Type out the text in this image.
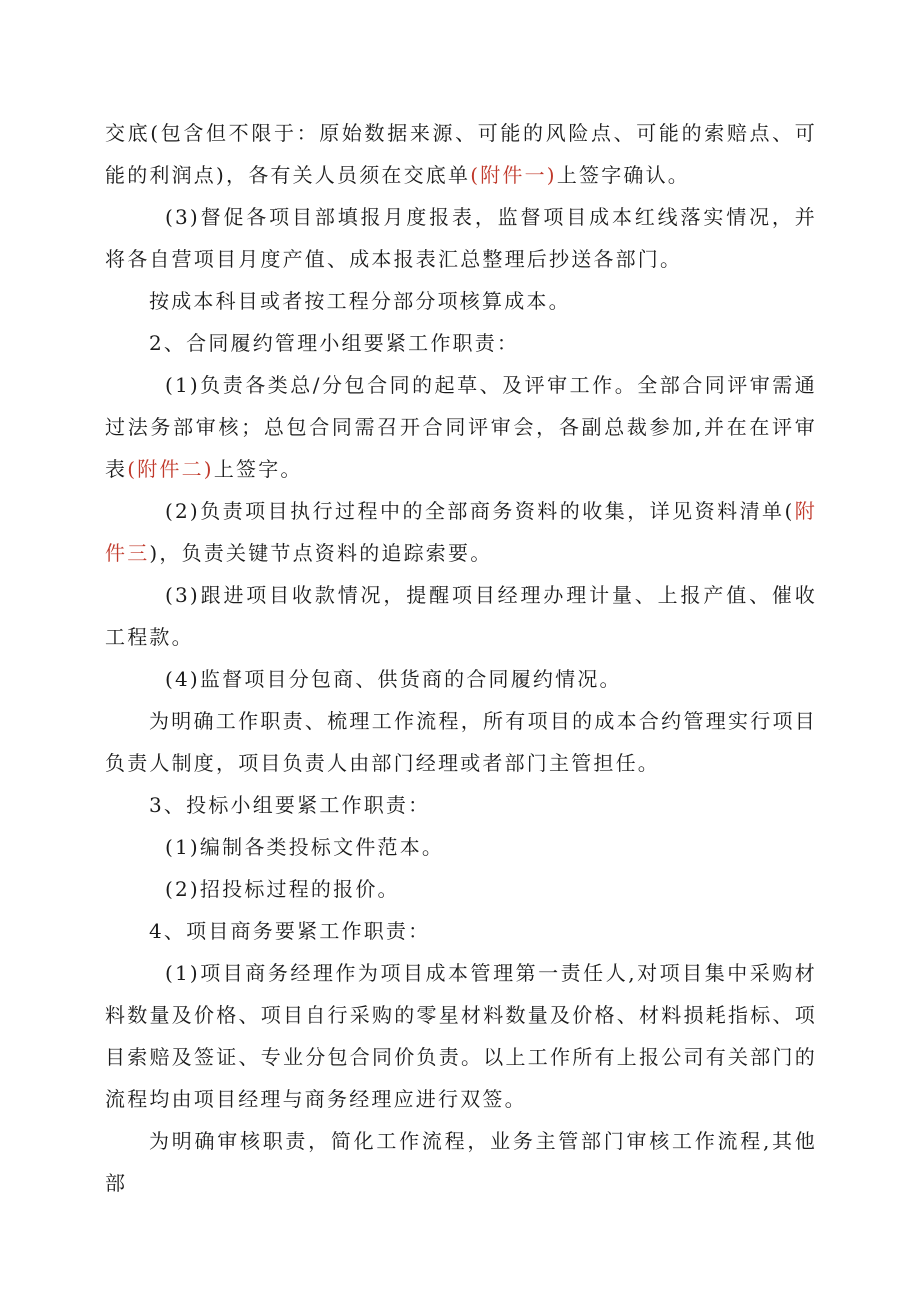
交底(包含但不限于：原始数据来源、可能的风险点、可能的索赔点、可能的利润点)，各有关人员须在交底单(附件一)上签字确认。

(3)督促各项目部填报月度报表，监督项目成本红线落实情况，并将各自营项目月度产值、成本报表汇总整理后抄送各部门。

按成本科目或者按工程分部分项核算成本。

2、合同履约管理小组要紧工作职责：

(1)负责各类总/分包合同的起草、及评审工作。全部合同评审需通过法务部审核；总包合同需召开合同评审会，各副总裁参加,并在在评审表(附件二)上签字。

(2)负责项目执行过程中的全部商务资料的收集，详见资料清单(附件三)，负责关键节点资料的追踪索要。

(3)跟进项目收款情况，提醒项目经理办理计量、上报产值、催收工程款。

(4)监督项目分包商、供货商的合同履约情况。

为明确工作职责、梳理工作流程，所有项目的成本合约管理实行项目负责人制度，项目负责人由部门经理或者部门主管担任。

3、投标小组要紧工作职责：

(1)编制各类投标文件范本。

(2)招投标过程的报价。

4、项目商务要紧工作职责：

(1)项目商务经理作为项目成本管理第一责任人,对项目集中采购材料数量及价格、项目自行采购的零星材料数量及价格、材料损耗指标、项目索赔及签证、专业分包合同价负责。以上工作所有上报公司有关部门的流程均由项目经理与商务经理应进行双签。

为明确审核职责，简化工作流程，业务主管部门审核工作流程,其他部
